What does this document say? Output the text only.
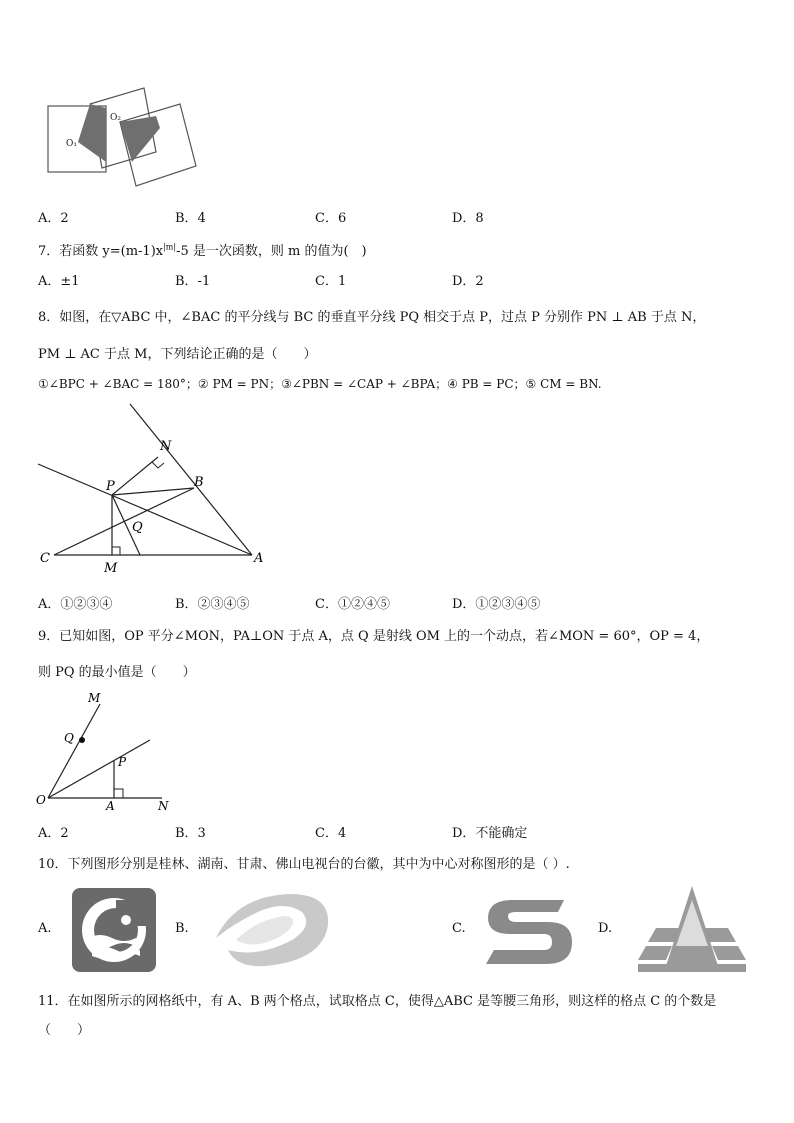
O₁
O₂
A．2	B．4	C．6	D．8
7．若函数 $y=(m-1)x^{|m|}-5$ 是一次函数，则 m 的值为(　)
A．±1	B．-1	C．1	D．2
8．如图，在▽ABC 中，∠BAC 的平分线与 BC 的垂直平分线 PQ 相交于点 P，过点 P 分别作 PN ⊥ AB 于点 N，
PM ⊥ AC 于点 M，下列结论正确的是（　　）
①∠BPC + ∠BAC = 180°；② PM = PN；③∠PBN = ∠CAP + ∠BPA；④ PB = PC；⑤ CM = BN.
N
P	B
Q
C
M
A
A．①②③④	B．②③④⑤	C．①②④⑤	D．①②③④⑤
9．已知如图，OP 平分∠MON，PA⊥ON 于点 A，点 Q 是射线 OM 上的一个动点，若∠MON = 60°，OP = 4，
则 PQ 的最小值是（　　）
M
Q
P
O	A	N
A．2	B．3	C．4	D．不能确定
10．下列图形分别是桂林、湖南、甘肃、佛山电视台的台徽，其中为中心对称图形的是（ ）.
A.	B.	C.	D.
11．在如图所示的网格纸中，有 A、B 两个格点，试取格点 C，使得△ABC 是等腰三角形，则这样的格点 C 的个数是
（　　）
